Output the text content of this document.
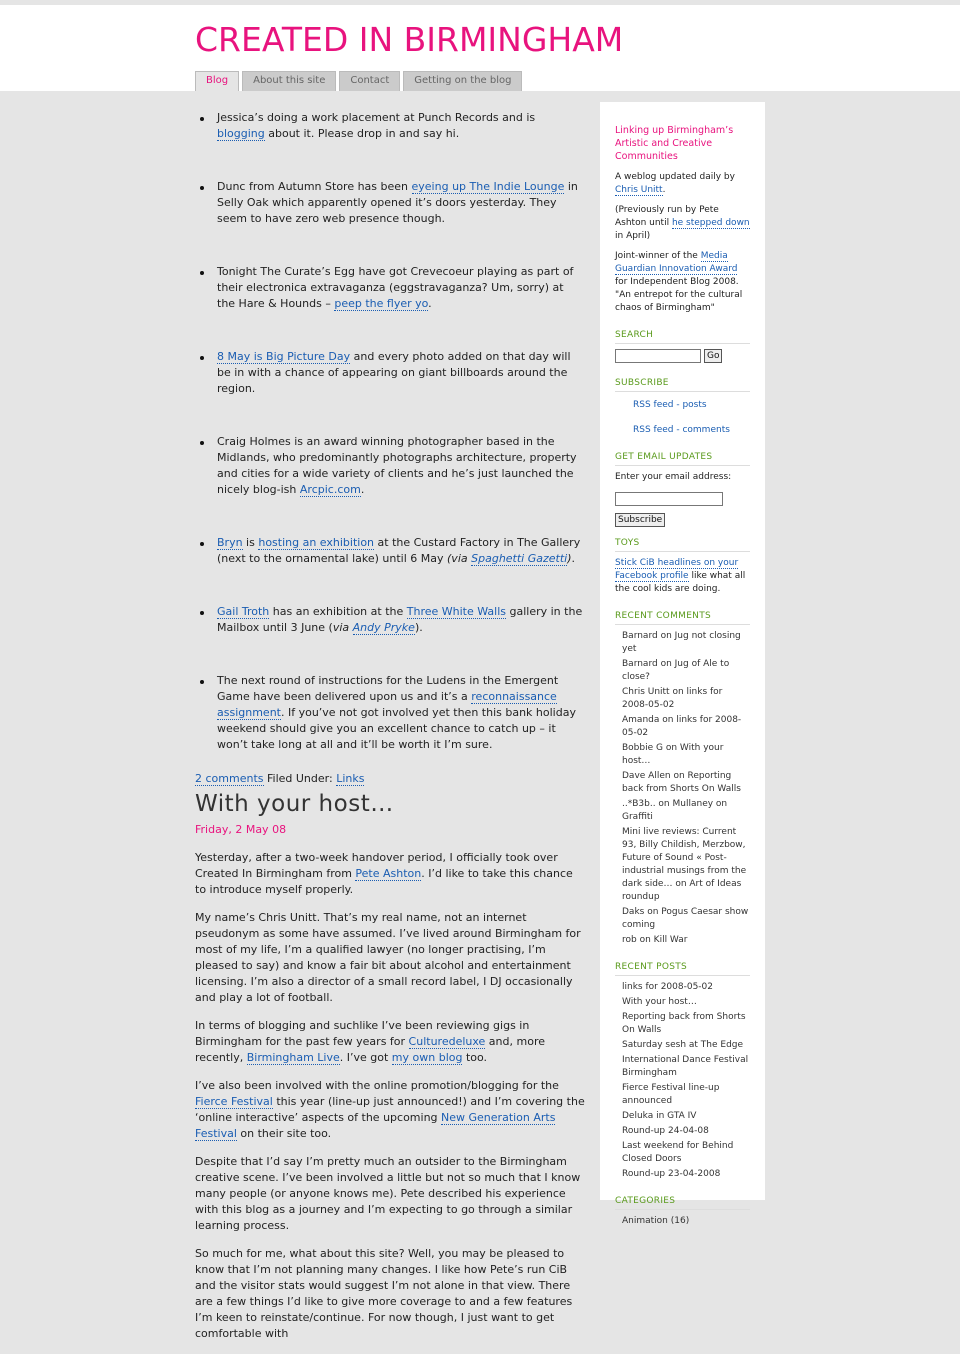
CREATED IN BIRMINGHAM
Blog	About this site	Contact	Getting on the blog
Jessica’s doing a work placement at Punch Records and is blogging about it. Please drop in and say hi.
Dunc from Autumn Store has been eyeing up The Indie Lounge in Selly Oak which apparently opened it’s doors yesterday. They seem to have zero web presence though.
Tonight The Curate’s Egg have got Crevecoeur playing as part of their electronica extravaganza (eggstravaganza? Um, sorry) at the Hare & Hounds – peep the flyer yo.
8 May is Big Picture Day and every photo added on that day will be in with a chance of appearing on giant billboards around the region.
Craig Holmes is an award winning photographer based in the Midlands, who predominantly photographs architecture, property and cities for a wide variety of clients and he’s just launched the nicely blog-ish Arcpic.com.
Bryn is hosting an exhibition at the Custard Factory in The Gallery (next to the ornamental lake) until 6 May (via Spaghetti Gazetti).
Gail Troth has an exhibition at the Three White Walls gallery in the Mailbox until 3 June (via Andy Pryke).
The next round of instructions for the Ludens in the Emergent Game have been delivered upon us and it’s a reconnaissance assignment. If you’ve not got involved yet then this bank holiday weekend should give you an excellent chance to catch up – it won’t take long at all and it’ll be worth it I’m sure.
2 comments Filed Under: Links
With your host…
Friday, 2 May 08

Yesterday, after a two-week handover period, I officially took over Created In Birmingham from Pete Ashton. I’d like to take this chance to introduce myself properly.

My name’s Chris Unitt. That’s my real name, not an internet pseudonym as some have assumed. I’ve lived around Birmingham for most of my life, I’m a qualified lawyer (no longer practising, I’m pleased to say) and know a fair bit about alcohol and entertainment licensing. I’m also a director of a small record label, I DJ occasionally and play a lot of football.

In terms of blogging and suchlike I’ve been reviewing gigs in Birmingham for the past few years for Culturedeluxe and, more recently, Birmingham Live. I’ve got my own blog too.

I’ve also been involved with the online promotion/blogging for the Fierce Festival this year (line-up just announced!) and I’m covering the ‘online interactive’ aspects of the upcoming New Generation Arts Festival on their site too.

Despite that I’d say I’m pretty much an outsider to the Birmingham creative scene. I’ve been involved a little but not so much that I know many people (or anyone knows me). Pete described his experience with this blog as a journey and I’m expecting to go through a similar learning process.

So much for me, what about this site? Well, you may be pleased to know that I’m not planning many changes. I like how Pete’s run CiB and the visitor stats would suggest I’m not alone in that view. There are a few things I’d like to give more coverage to and a few features I’m keen to reinstate/continue. For now though, I just want to get comfortable with

Linking up Birmingham’s Artistic and Creative Communities
A weblog updated daily by Chris Unitt.
(Previously run by Pete Ashton until he stepped down in April)
Joint-winner of the Media Guardian Innovation Award for Independent Blog 2008. "An entrepot for the cultural chaos of Birmingham"
SEARCH
Go
SUBSCRIBE
RSS feed - posts
RSS feed - comments
GET EMAIL UPDATES
Enter your email address:
Subscribe
TOYS
Stick CiB headlines on your Facebook profile like what all the cool kids are doing.
RECENT COMMENTS
Barnard on Jug not closing yet
Barnard on Jug of Ale to close?
Chris Unitt on links for 2008-05-02
Amanda on links for 2008-05-02
Bobbie G on With your host…
Dave Allen on Reporting back from Shorts On Walls
..*B3b.. on Mullaney on Graffiti
Mini live reviews: Current 93, Billy Childish, Merzbow, Future of Sound « Post-industrial musings from the dark side… on Art of Ideas roundup
Daks on Pogus Caesar show coming
rob on Kill War
RECENT POSTS
links for 2008-05-02
With your host…
Reporting back from Shorts On Walls
Saturday sesh at The Edge
International Dance Festival Birmingham
Fierce Festival line-up announced
Deluka in GTA IV
Round-up 24-04-08
Last weekend for Behind Closed Doors
Round-up 23-04-2008
CATEGORIES
Animation (16)
